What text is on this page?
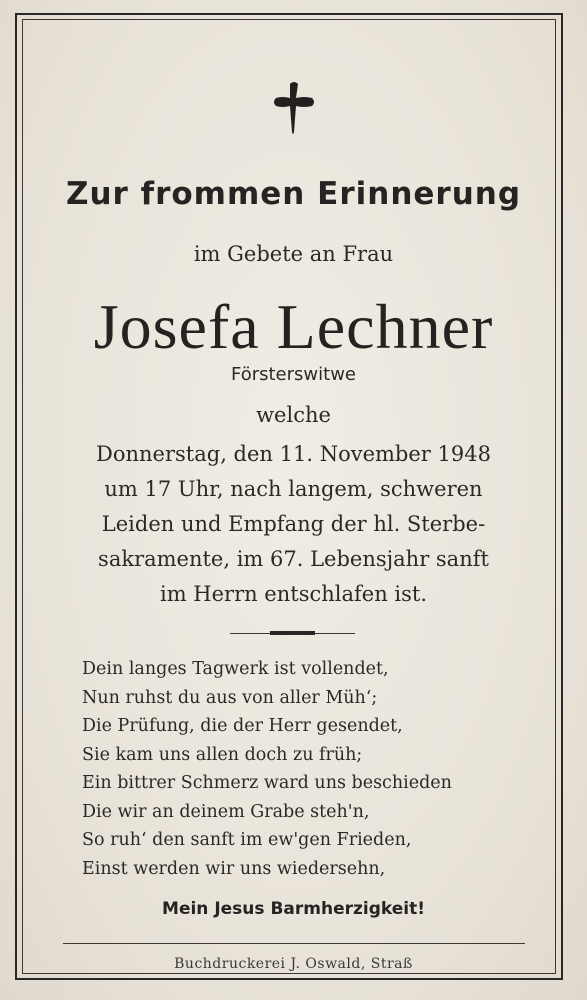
Zur frommen Erinnerung
im Gebete an Frau
Josefa Lechner
Försterswitwe
welche
Donnerstag, den 11. November 1948
um 17 Uhr, nach langem, schweren
Leiden und Empfang der hl. Sterbe-
sakramente, im 67. Lebensjahr sanft
im Herrn entschlafen ist.
Dein langes Tagwerk ist vollendet,
Nun ruhst du aus von aller Müh‘;
Die Prüfung, die der Herr gesendet,
Sie kam uns allen doch zu früh;
Ein bittrer Schmerz ward uns beschieden
Die wir an deinem Grabe steh'n,
So ruh‘ den sanft im ew'gen Frieden,
Einst werden wir uns wiedersehn,
Mein Jesus Barmherzigkeit!
Buchdruckerei J. Oswald, Straß
